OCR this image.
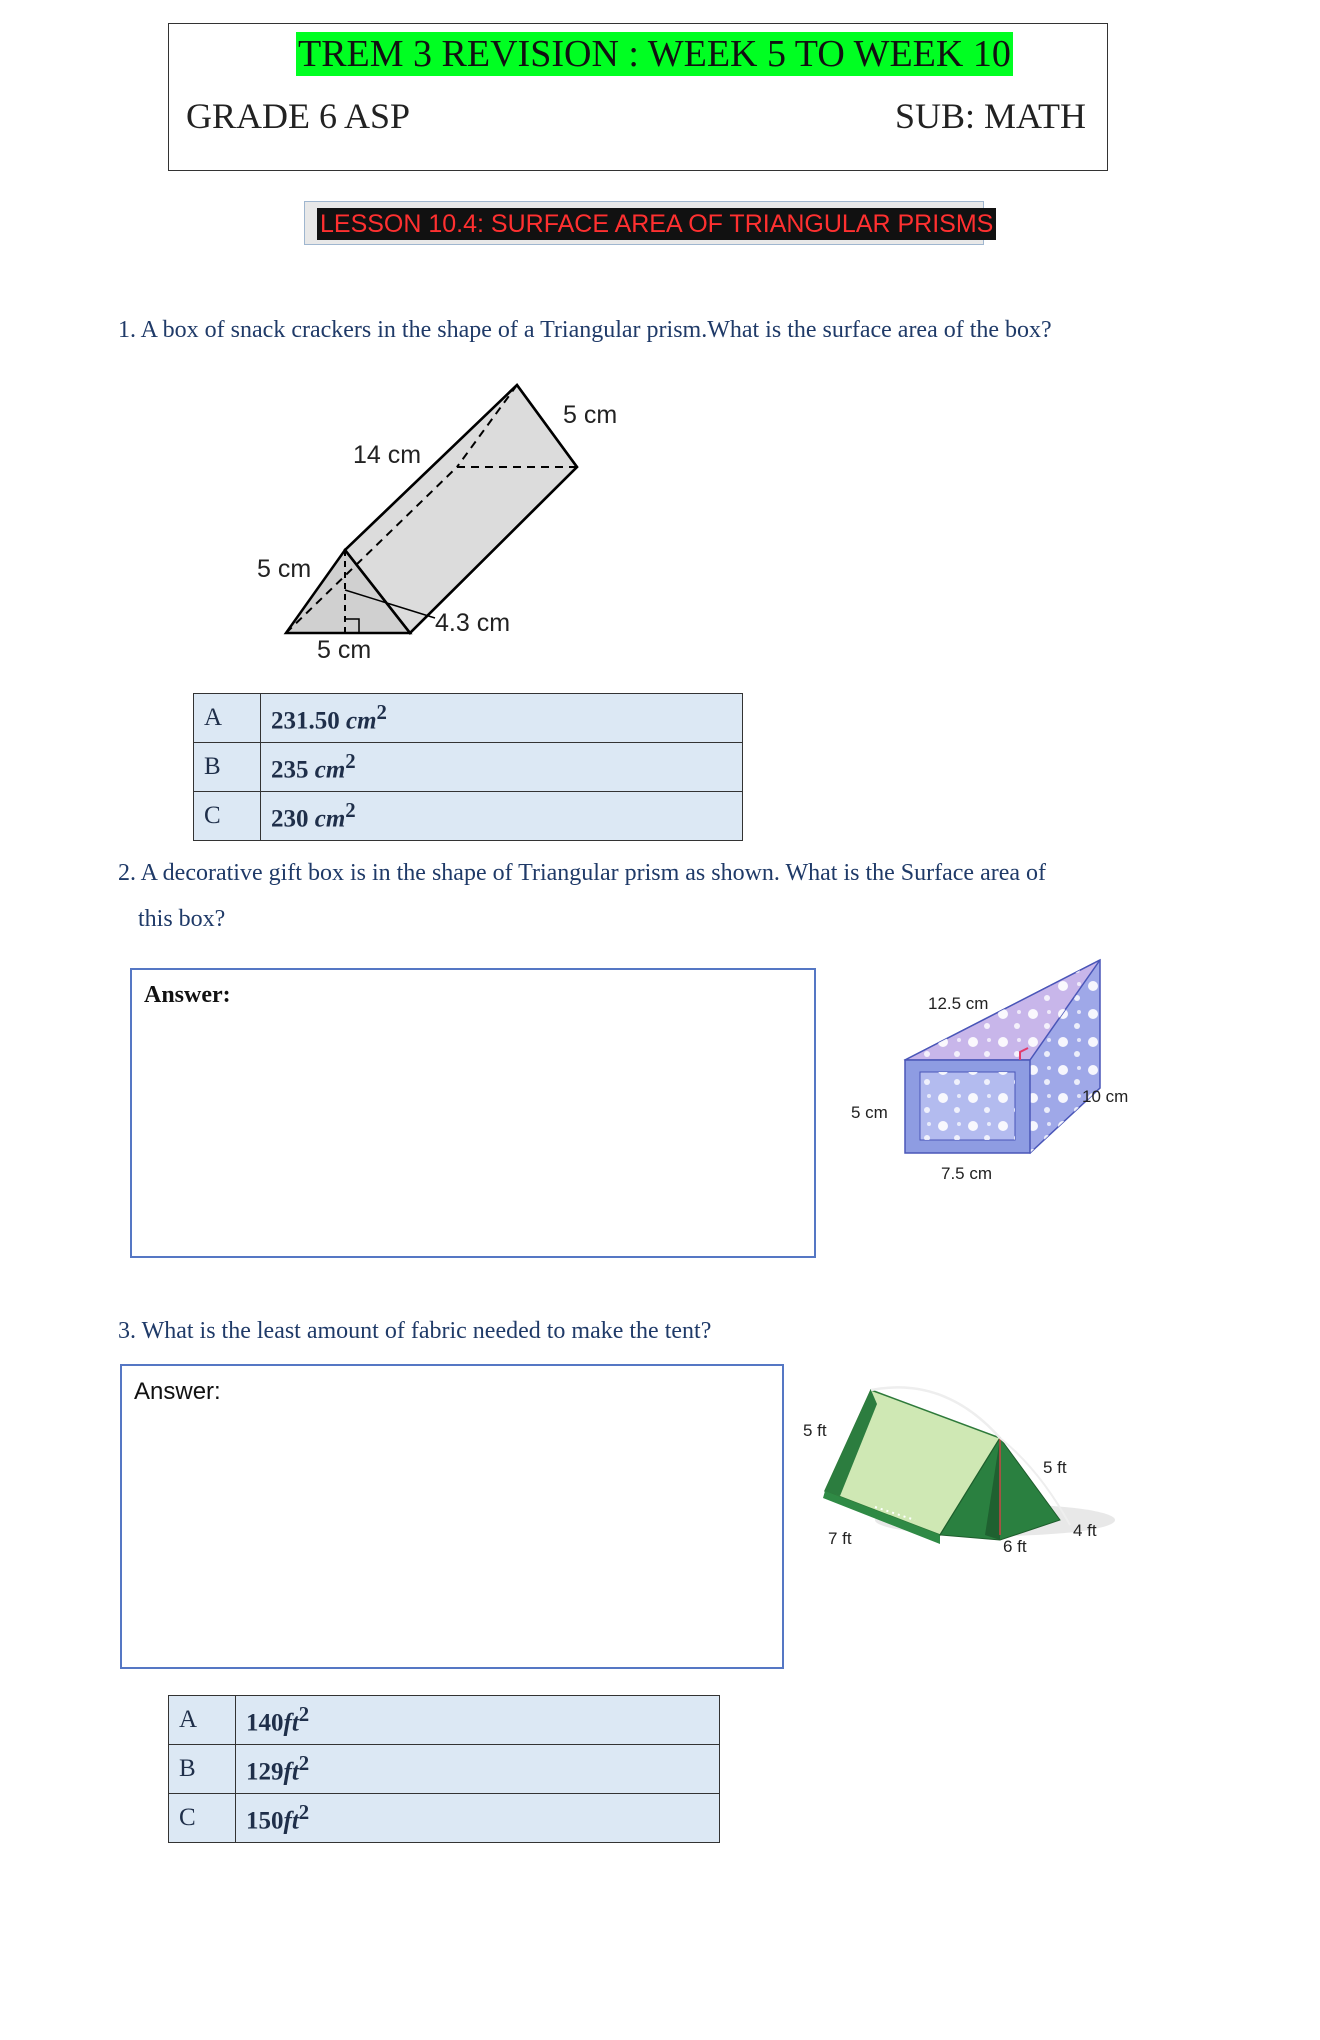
TREM 3 REVISION : WEEK 5 TO WEEK 10
GRADE 6 ASP	SUB: MATH
LESSON 10.4: SURFACE AREA OF TRIANGULAR PRISMS
1. A box of snack crackers in the shape of a Triangular prism.What is the surface area of the box?
5 cm
14 cm
5 cm
4.3 cm
5 cm
A	231.50 $cm^2$
B	235 $cm^2$
C	230 $cm^2$
2. A decorative gift box is in the shape of Triangular prism as shown. What is the Surface area of
this box?
Answer:	12.5 cm
5 cm
10 cm
7.5 cm
3. What is the least amount of fabric needed to make the tent?
Answer:
5 ft
5 ft
4 ft
7 ft	6 ft
A	$140ft^2$
B	$129ft^2$
C	$150ft^2$
